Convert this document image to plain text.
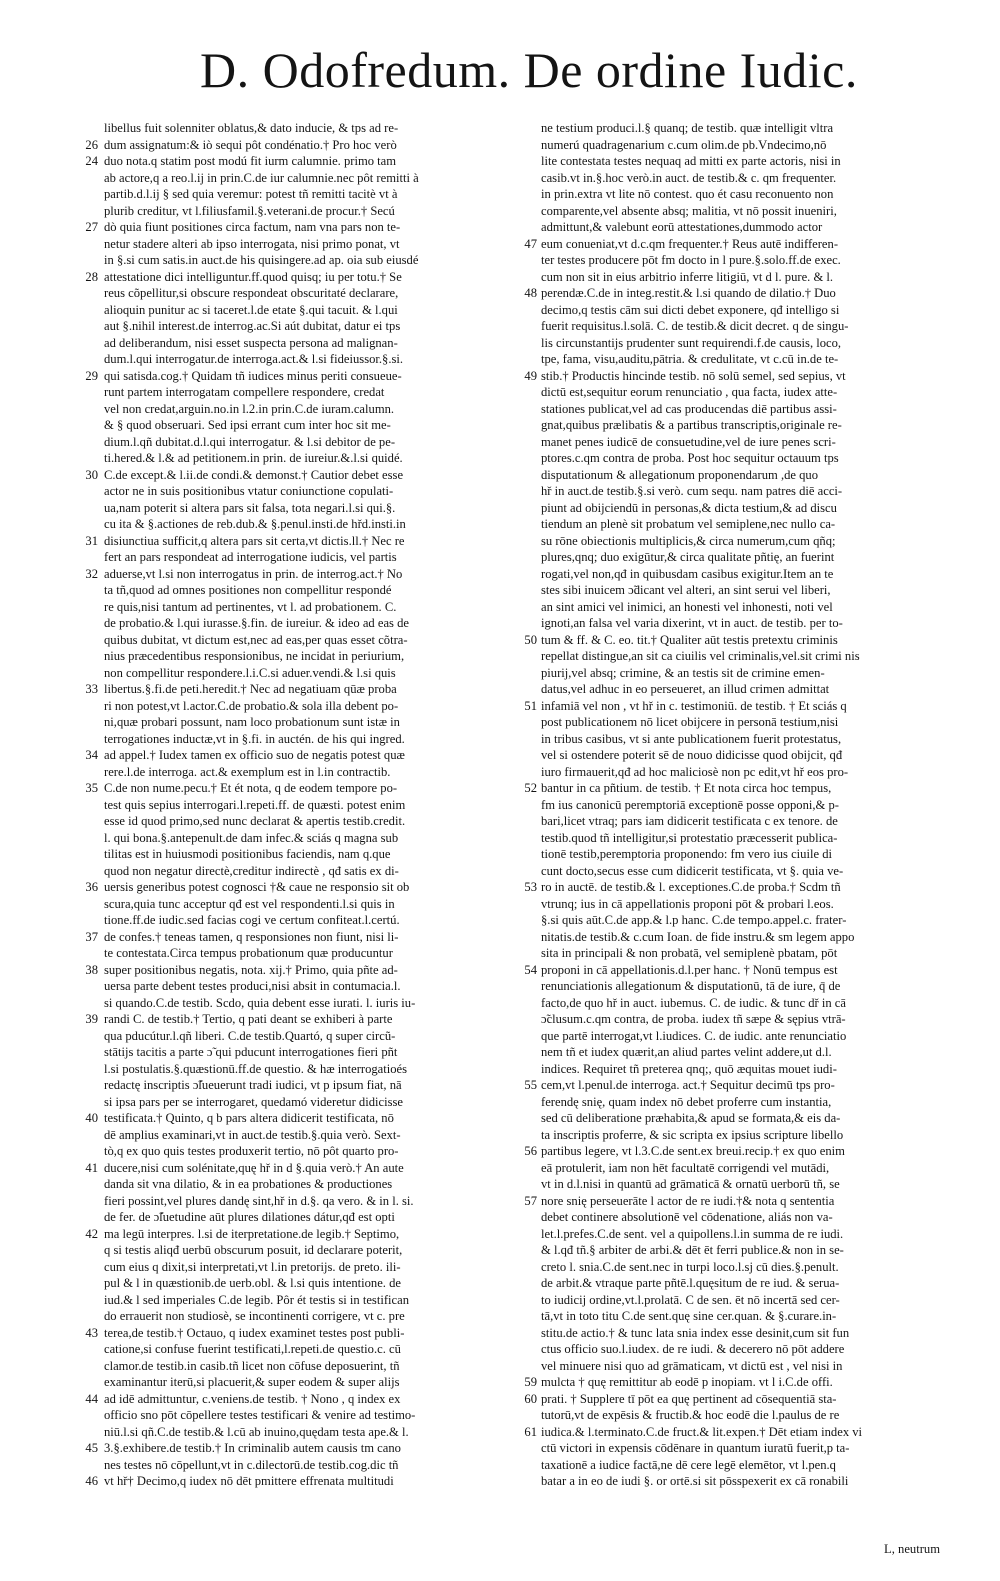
D. Odofredum. De ordine Iudic.
libellus fuit solenniter oblatus,& dato inducie, & tps ad re-
26 dum assignatum:& iò sequi pôt condénatio.† Pro hoc verò
24 duo nota.q statim post modú fit iurm calumnie. primo tam
ab actore,q a reo.l.ij in prin.C.de iur calumnie.nec pôt remitti à
partib.d.l.ij § sed quia veremur: potest tñ remitti tacitè vt à
plurib creditur, vt l.filiusfamil.§.veterani.de procur.† Secú
27 dò quia fiunt positiones circa factum, nam vna pars non te-
netur stadere alteri ab ipso interrogata, nisi primo ponat, vt
in §.si cum satis.in auct.de his quisingere.ad ap. oia sub eiusdé
28 attestatione dici intelliguntur.ff.quod quisq; iu per totu.† Se
reus cõpellitur,si obscure respondeat obscuritaté declarare,
alioquin punitur ac si taceret.l.de etate §.qui tacuit. & l.qui
aut §.nihil interest.de interrog.ac.Si aút dubitat, datur ei tps
ad deliberandum, nisi esset suspecta persona ad malignan-
dum.l.qui interrogatur.de interroga.act.& l.si fideiussor.§.si.
29 qui satisda.cog.† Quidam tñ iudices minus periti consueue-
runt partem interrogatam compellere respondere, credat
vel non credat,arguin.no.in l.2.in prin.C.de iuram.calumn.
& § quod obseruari. Sed ipsi errant cum inter hoc sit me-
dium.l.qñ dubitat.d.l.qui interrogatur. & l.si debitor de pe-
ti.hered.& l.& ad petitionem.in prin. de iureiur.&.l.si quidé.
30 C.de except.& l.ii.de condi.& demonst.† Cautior debet esse
actor ne in suis positionibus vtatur coniunctione copulati-
ua,nam poterit si altera pars sit falsa, tota negari.l.si qui.§.
cu ita & §.actiones de reb.dub.& §.penul.insti.de hřd.insti.in
31 disiunctiua sufficit,q altera pars sit certa,vt dictis.ll.† Nec re
fert an pars respondeat ad interrogatione iudicis, vel partis
32 aduerse,vt l.si non interrogatus in prin. de interrog.act.† No
ta tñ,quod ad omnes positiones non compellitur respondé
re quis,nisi tantum ad pertinentes, vt l. ad probationem. C.
de probatio.& l.qui iurasse.§.fin. de iureiur. & ideo ad eas de
quibus dubitat, vt dictum est,nec ad eas,per quas esset cõtra-
nius præcedentibus responsionibus, ne incidat in periurium,
non compellitur respondere.l.i.C.si aduer.vendi.& l.si quis
33 libertus.§.fi.de peti.heredit.† Nec ad negatiuam qūæ proba
ri non potest,vt l.actor.C.de probatio.& sola illa debent po-
ni,quæ probari possunt, nam loco probationum sunt istæ in
terrogationes inductæ,vt in §.fi. in auctén. de his qui ingred.
34 ad appel.† Iudex tamen ex officio suo de negatis potest quæ
rere.l.de interroga. act.& exemplum est in l.in contractib.
35 C.de non nume.pecu.† Et ét nota, q de eodem tempore po-
test quis sepius interrogari.l.repeti.ff. de quæsti. potest enim
esse id quod primo,sed nunc declarat & apertis testib.credit.
l. qui bona.§.antepenult.de dam infec.& sciás q magna sub
tilitas est in huiusmodi positionibus faciendis, nam q.que
quod non negatur directè,creditur indirectè , qđ satis ex di-
36 uersis generibus potest cognosci †& caue ne responsio sit ob
scura,quia tunc acceptur qđ est vel respondenti.l.si quis in
tione.ff.de iudic.sed facias cogi ve certum confiteat.l.certú.
37 de confes.† teneas tamen, q responsiones non fiunt, nisi li-
te contestata.Circa tempus probationum quæ producuntur
38 super positionibus negatis, nota. xij.† Primo, quia pñte ad-
uersa parte debent testes produci,nisi absit in contumacia.l.
si quando.C.de testib. Scdo, quia debent esse iurati. l. iuris iu-
39 randi C. de testib.† Tertio, q pati deant se exhiberi à parte
qua pducútur.l.qñ liberi. C.de testib.Quartó, q super circũ-
stātijs tacitis a parte ɔ̃ qui pducunt interrogationes fieri pñt
l.si postulatis.§.quæstionū.ff.de questio. & hæ interrogatioés
redactę inscriptis ɔ̃ſueuerunt tradi iudici, vt p ipsum fiat, nā
si ipsa pars per se interrogaret, quedamó videretur didicisse
40 testificata.† Quinto, q b pars altera didicerit testificata, nō
dē amplius examinari,vt in auct.de testib.§.quia verò. Sext-
tò,q ex quo quis testes produxerit tertio, nō pôt quarto pro-
41 ducere,nisi cum solénitate,quę hř in d §.quia verò.† An aute
danda sit vna dilatio, & in ea probationes & productiones
fieri possint,vel plures dandę sint,hř in d.§. qa vero. & in l. si.
de fer. de ɔ̃ſuetudine aūt plures dilationes dátur,qđ est opti
42 ma legū interpres. l.si de iterpretatione.de legib.† Septimo,
q si testis aliqđ uerbū obscurum posuit, id declarare poterit,
cum eius q dixit,si interpretati,vt l.in pretorijs. de preto. ili-
pul & l in quæstionib.de uerb.obl. & l.si quis intentione. de
iud.& l sed imperiales C.de legib. Pôr ét testis si in testifican
do errauerit non studiosè, se incontinenti corrigere, vt c. pre
43 terea,de testib.† Octauo, q iudex examinet testes post publi-
catione,si confuse fuerint testificati,l.repeti.de questio.c. cū
clamor.de testib.in casib.tñ licet non cōfuse deposuerint, tñ
examinantur iterū,si placuerit,& super eodem & super alijs
44 ad idē admittuntur, c.veniens.de testib. † Nono , q index ex
officio sno pōt cōpellere testes testificari & venire ad testimo-
niū.l.si qñ.C.de testib.& l.cū ab inuino,quędam testa ape.& l.
45 3.§.exhibere.de testib.† In criminalib autem causis tm cano
nes testes nō cōpellunt,vt in c.dilectorū.de testib.cog.dic tñ
46 vt hř† Decimo,q iudex nō dēt pmittere effrenata multitudi
ne testium produci.l.§ quanq; de testib. quæ intelligit vltra
numerú quadragenarium c.cum olim.de pb.Vndecimo,nō
lite contestata testes nequaq ad mitti ex parte actoris, nisi in
casib.vt in.§.hoc verò.in auct. de testib.& c. qm frequenter.
in prin.extra vt lite nō contest. quo ét casu reconuento non
comparente,vel absente absq; malitia, vt nō possit inueniri,
admittunt,& valebunt eorū attestationes,dummodo actor
47 eum conueniat,vt d.c.qm frequenter.† Reus autē indifferen-
ter testes producere pōt fm docto in l pure.§.solo.ff.de exec.
cum non sit in eius arbitrio inferre litigiū, vt d l. pure. & l.
48 perendæ.C.de in integ.restit.& l.si quando de dilatio.† Duo
decimo,q testis cām sui dicti debet exponere, qđ intelligo si
fuerit requisitus.l.solā. C. de testib.& dicit decret. q de singu-
lis circunstantijs prudenter sunt requirendi.f.de causis, loco,
tpe, fama, visu,auditu,pātria. & credulitate, vt c.cū in.de te-
49 stib.† Productis hincinde testib. nō solū semel, sed sepius, vt
dictū est,sequitur eorum renunciatio , qua facta, iudex atte-
stationes publicat,vel ad cas producendas diē partibus assi-
gnat,quibus prælibatis & a partibus transcriptis,originale re-
manet penes iudicē de consuetudine,vel de iure penes scri-
ptores.c.qm contra de proba. Post hoc sequitur octauum tps
disputationum & allegationum proponendarum ,de quo
hř in auct.de testib.§.si verò. cum sequ. nam patres diē acci-
piunt ad obijciendū in personas,& dicta testium,& ad discu
tiendum an plenè sit probatum vel semiplene,nec nullo ca-
su rōne obiectionis multiplicis,& circa numerum,cum qñq;
plures,qnq; duo exigūtur,& circa qualitate pñtię, an fuerint
rogati,vel non,qđ in quibusdam casibus exigitur.Item an te
stes sibi inuicem ɔ̃dicant vel alteri, an sint serui vel liberi,
an sint amici vel inimici, an honesti vel inhonesti, noti vel
ignoti,an falsa vel varia dixerint, vt in auct. de testib. per to-
50 tum & ff. & C. eo. tit.† Qualiter aūt testis pretextu criminis
repellat distingue,an sit ca ciuilis vel criminalis,vel.sit crimi nis
piurij,vel absq; crimine, & an testis sit de crimine emen-
datus,vel adhuc in eo perseueret, an illud crimen admittat
51 infamiā vel non , vt hř in c. testimoniū. de testib. † Et sciás q
post publicationem nō licet obijcere in personā testium,nisi
in tribus casibus, vt si ante publicationem fuerit protestatus,
vel si ostendere poterit sē de nouo didicisse quod obijcit, qđ
iuro firmauerit,qđ ad hoc maliciosè non pc edit,vt hř eos pro-
52 bantur in ca pñtium. de testib. † Et nota circa hoc tempus,
fm ius canonicū peremptoriā exceptionē posse opponi,& p-
bari,licet vtraq; pars iam didicerit testificata c ex tenore. de
testib.quod tñ intelligitur,si protestatio præcesserit publica-
tionē testib,peremptoria proponendo: fm vero ius ciuile di
cunt docto,secus esse cum didicerit testificata, vt §. quia ve-
53 ro in auctē. de testib.& l. exceptiones.C.de proba.† Scdm tñ
vtrunq; ius in cā appellationis proponi pōt & probari l.eos.
§.si quis aūt.C.de app.& l.p hanc. C.de tempo.appel.c. frater-
nitatis.de testib.& c.cum Ioan. de fide instru.& sm legem appo
sita in principali & non probatā, vel semiplenè pbatam, pōt
54 proponi in cā appellationis.d.l.per hanc. † Nonū tempus est
renunciationis allegationum & disputationū, tā de iure, q̄ de
facto,de quo hř in auct. iubemus. C. de iudic. & tunc dř in cā
ɔ̃clusum.c.qm contra, de proba. iudex tñ sæpe & sępius vtrā-
que partē interrogat,vt l.iudices. C. de iudic. ante renunciatio
nem tñ et iudex quærit,an aliud partes velint addere,ut d.l.
indices. Requiret tñ preterea qnq;, quō æquitas mouet iudi-
55 cem,vt l.penul.de interroga. act.† Sequitur decimū tps pro-
ferendę snię, quam index nō debet proferre cum instantia,
sed cū deliberatione præhabita,& apud se formata,& eis da-
ta inscriptis proferre, & sic scripta ex ipsius scripture libello
56 partibus legere, vt l.3.C.de sent.ex breui.recip.† ex quo enim
eā protulerit, iam non hēt facultatē corrigendi vel mutādi,
vt in d.l.nisi in quantū ad grāmaticā & ornatū uerborū tñ, se
57 nore snię perseuerāte l actor de re iudi.†& nota q sententia
debet continere absolutionē vel cōdenatione, aliás non va-
let.l.prefes.C.de sent. vel a quipollens.l.in summa de re iudi.
& l.qđ tñ.§ arbiter de arbi.& dēt ēt ferri publice.& non in se-
creto l. snia.C.de sent.nec in turpi loco.l.sj cū dies.§.penult.
de arbit.& vtraque parte pñtē.l.quęsitum de re iud. & serua-
to iudicij ordine,vt.l.prolatā. C de sen. ēt nō incertā sed cer-
tā,vt in toto titu C.de sent.quę sine cer.quan. & §.curare.in-
stitu.de actio.† & tunc lata snia index esse desinit,cum sit fun
ctus officio suo.l.iudex. de re iudi. & decerero nō pōt addere
vel minuere nisi quo ad grāmaticam, vt dictū est , vel nisi in
59 mulcta † quę remittitur ab eodē p inopiam. vt l i.C.de offi.
60 prati. † Supplere tī pōt ea quę pertinent ad cōsequentiā sta-
tutorū,vt de expēsis & fructib.& hoc eodē die l.paulus de re
61 iudica.& l.terminato.C.de fruct.& lit.expen.† Dēt etiam index vi
ctū victori in expensis cōdēnare in quantum iuratū fuerit,p ta-
taxationē a iudice factā,ne dē cere legē elemētor, vt l.pen.q
batar a in eo de iudi §. or ortē.si sit pōsspexerit ex cā ronabili
L, neutrum
